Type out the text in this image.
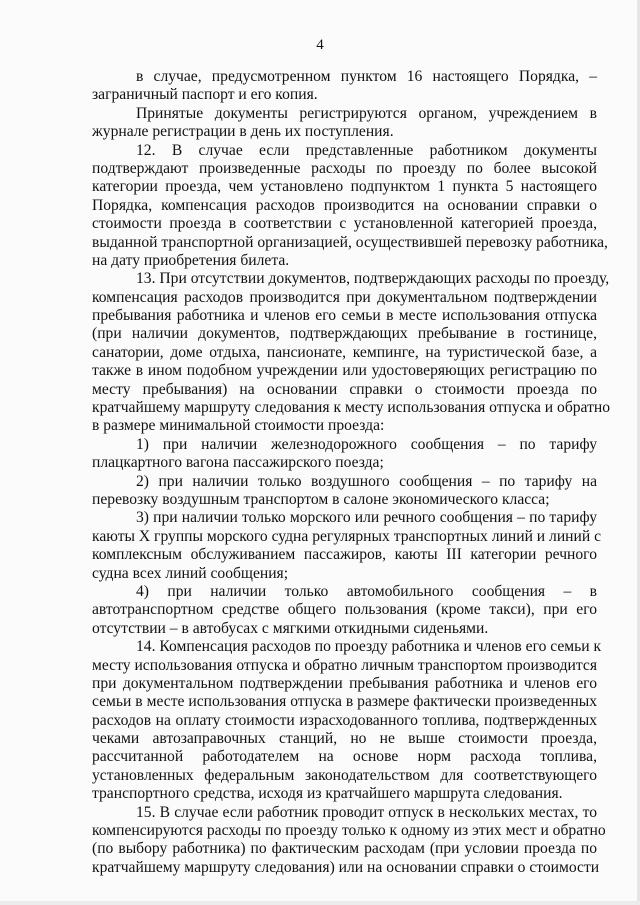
4
в случае, предусмотренном пунктом 16 настоящего Порядка, –
заграничный паспорт и его копия.
Принятые документы регистрируются органом, учреждением в
журнале регистрации в день их поступления.
12. В случае если представленные работником документы
подтверждают произведенные расходы по проезду по более высокой
категории проезда, чем установлено подпунктом 1 пункта 5 настоящего
Порядка, компенсация расходов производится на основании справки о
стоимости проезда в соответствии с установленной категорией проезда,
выданной транспортной организацией, осуществившей перевозку работника,
на дату приобретения билета.
13. При отсутствии документов, подтверждающих расходы по проезду,
компенсация расходов производится при документальном подтверждении
пребывания работника и членов его семьи в месте использования отпуска
(при наличии документов, подтверждающих пребывание в гостинице,
санатории, доме отдыха, пансионате, кемпинге, на туристической базе, а
также в ином подобном учреждении или удостоверяющих регистрацию по
месту пребывания) на основании справки о стоимости проезда по
кратчайшему маршруту следования к месту использования отпуска и обратно
в размере минимальной стоимости проезда:
1) при наличии железнодорожного сообщения – по тарифу
плацкартного вагона пассажирского поезда;
2) при наличии только воздушного сообщения – по тарифу на
перевозку воздушным транспортом в салоне экономического класса;
3) при наличии только морского или речного сообщения – по тарифу
каюты X группы морского судна регулярных транспортных линий и линий с
комплексным обслуживанием пассажиров, каюты III категории речного
судна всех линий сообщения;
4) при наличии только автомобильного сообщения – в
автотранспортном средстве общего пользования (кроме такси), при его
отсутствии – в автобусах с мягкими откидными сиденьями.
14. Компенсация расходов по проезду работника и членов его семьи к
месту использования отпуска и обратно личным транспортом производится
при документальном подтверждении пребывания работника и членов его
семьи в месте использования отпуска в размере фактически произведенных
расходов на оплату стоимости израсходованного топлива, подтвержденных
чеками автозаправочных станций, но не выше стоимости проезда,
рассчитанной работодателем на основе норм расхода топлива,
установленных федеральным законодательством для соответствующего
транспортного средства, исходя из кратчайшего маршрута следования.
15. В случае если работник проводит отпуск в нескольких местах, то
компенсируются расходы по проезду только к одному из этих мест и обратно
(по выбору работника) по фактическим расходам (при условии проезда по
кратчайшему маршруту следования) или на основании справки о стоимости
